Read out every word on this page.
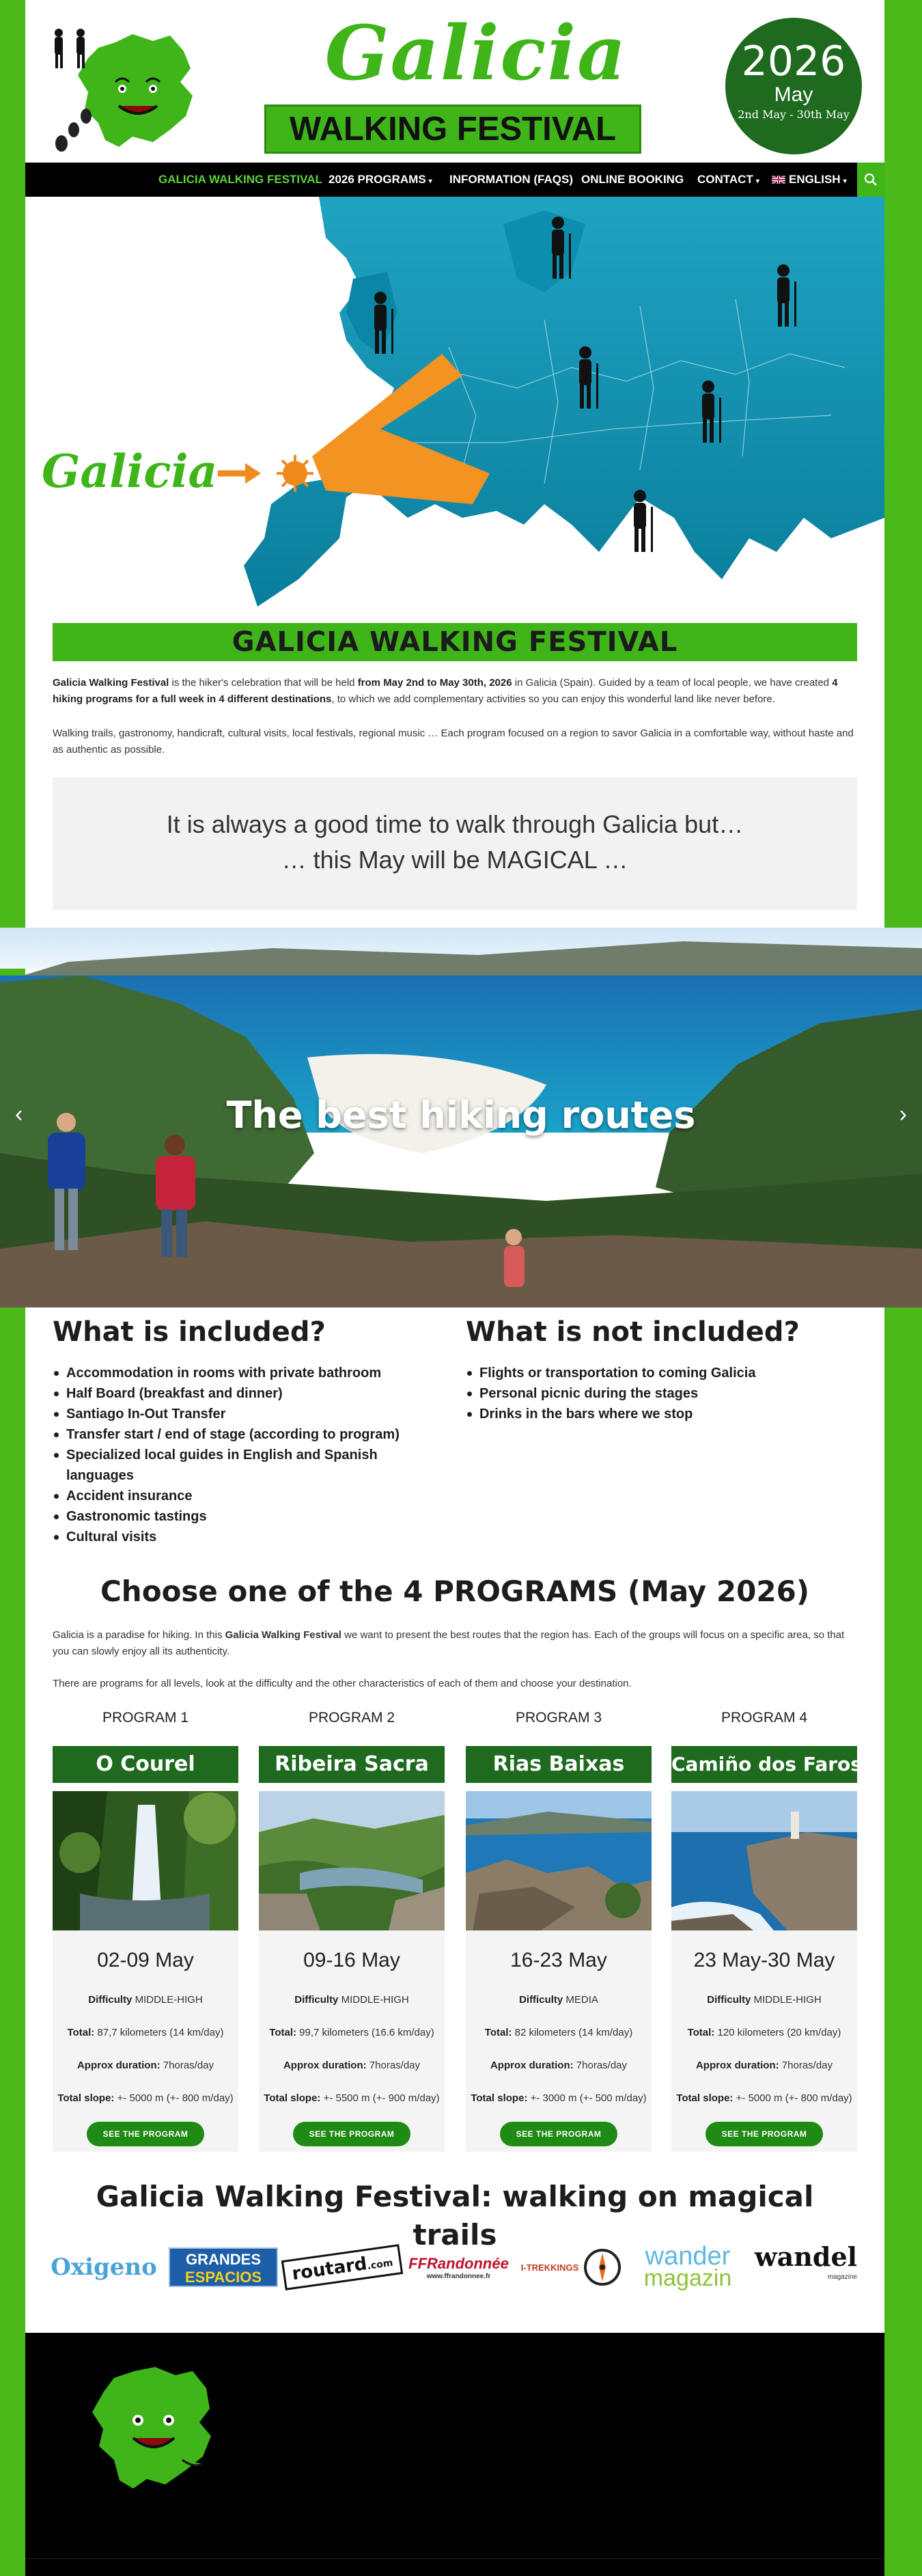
Galicia
WALKING FESTIVAL
2026
May
2nd May - 30th May
GALICIA WALKING FESTIVAL 2026 PROGRAMS ▾ INFORMATION (FAQS) ONLINE BOOKING CONTACT ▾	ENGLISH ▾
Spain
Galicia
GALICIA WALKING FESTIVAL

Galicia Walking Festival is the hiker's celebration that will be held from May 2nd to May 30th, 2026 in Galicia (Spain). Guided by a team of local people, we have created 4 hiking programs for a full week in 4 different destinations, to which we add complementary activities so you can enjoy this wonderful land like never before.

Walking trails, gastronomy, handicraft, cultural visits, local festivals, regional music … Each program focused on a region to savor Galicia in a comfortable way, without haste and as authentic as possible.

It is always a good time to walk through Galicia but…
… this May will be MAGICAL …
The best hiking routes
‹	›
What is included?
Accommodation in rooms with private bathroom
Half Board (breakfast and dinner)
Santiago In-Out Transfer
Transfer start / end of stage (according to program)
Specialized local guides in English and Spanish languages
Accident insurance
Gastronomic tastings
Cultural visits
What is not included?
Flights or transportation to coming Galicia
Personal picnic during the stages
Drinks in the bars where we stop
Choose one of the 4 PROGRAMS (May 2026)

Galicia is a paradise for hiking. In this Galicia Walking Festival we want to present the best routes that the region has. Each of the groups will focus on a specific area, so that you can slowly enjoy all its authenticity.

There are programs for all levels, look at the difficulty and the other characteristics of each of them and choose your destination.

PROGRAM 1
O Courel
02-09 May
Difficulty MIDDLE-HIGH
Total: 87,7 kilometers (14 km/day)
Approx duration: 7horas/day
Total slope: +- 5000 m (+- 800 m/day)
SEE THE PROGRAM
PROGRAM 2
Ribeira Sacra
09-16 May
Difficulty MIDDLE-HIGH
Total: 99,7 kilometers (16.6 km/day)
Approx duration: 7horas/day
Total slope: +- 5500 m (+- 900 m/day)
SEE THE PROGRAM
PROGRAM 3
Rias Baixas
16-23 May
Difficulty MEDIA
Total: 82 kilometers (14 km/day)
Approx duration: 7horas/day
Total slope: +- 3000 m (+- 500 m/day)
SEE THE PROGRAM
PROGRAM 4
Camiño dos Faros
23 May-30 May
Difficulty MIDDLE-HIGH
Total: 120 kilometers (20 km/day)
Approx duration: 7horas/day
Total slope: +- 5000 m (+- 800 m/day)
SEE THE PROGRAM
Galicia Walking Festival: walking on magical trails
Oxigeno	GRANDES
ESPACIOS	routard.com FFRandonnée
www.ffrandonnee.fr
I-TREKKINGS	wander
magazin
wandel
magazine
